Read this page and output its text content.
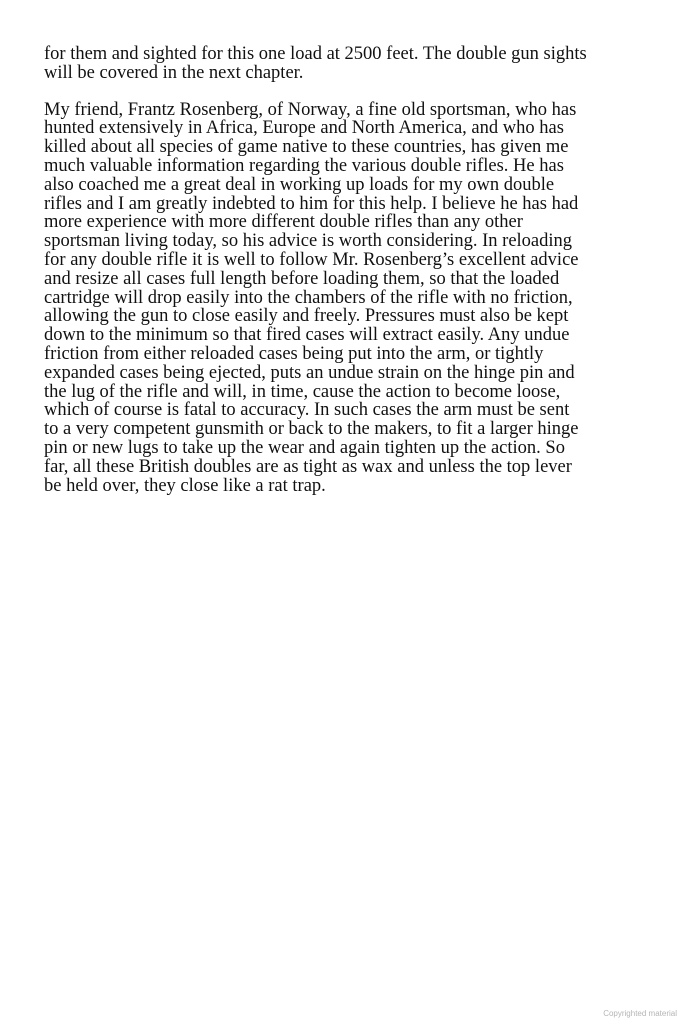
for them and sighted for this one load at 2500 feet. The double gun sights
will be covered in the next chapter.
My friend, Frantz Rosenberg, of Norway, a fine old sportsman, who has
hunted extensively in Africa, Europe and North America, and who has
killed about all species of game native to these countries, has given me
much valuable information regarding the various double rifles. He has
also coached me a great deal in working up loads for my own double
rifles and I am greatly indebted to him for this help. I believe he has had
more experience with more different double rifles than any other
sportsman living today, so his advice is worth considering. In reloading
for any double rifle it is well to follow Mr. Rosenberg’s excellent advice
and resize all cases full length before loading them, so that the loaded
cartridge will drop easily into the chambers of the rifle with no friction,
allowing the gun to close easily and freely. Pressures must also be kept
down to the minimum so that fired cases will extract easily. Any undue
friction from either reloaded cases being put into the arm, or tightly
expanded cases being ejected, puts an undue strain on the hinge pin and
the lug of the rifle and will, in time, cause the action to become loose,
which of course is fatal to accuracy. In such cases the arm must be sent
to a very competent gunsmith or back to the makers, to fit a larger hinge
pin or new lugs to take up the wear and again tighten up the action. So
far, all these British doubles are as tight as wax and unless the top lever
be held over, they close like a rat trap.
Copyrighted material
